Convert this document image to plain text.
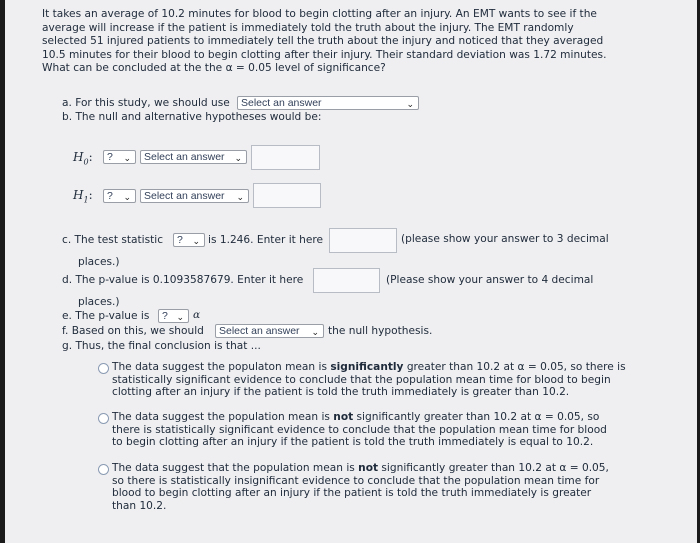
It takes an average of 10.2 minutes for blood to begin clotting after an injury. An EMT wants to see if the
average will increase if the patient is immediately told the truth about the injury. The EMT randomly
selected 51 injured patients to immediately tell the truth about the injury and noticed that they averaged
10.5 minutes for their blood to begin clotting after their injury. Their standard deviation was 1.72 minutes.
What can be concluded at the the α = 0.05 level of significance?
a. For this study, we should use	Select an answer	⌄
b. The null and alternative hypotheses would be:
$H_0$:	? ⌄	Select an answer ⌄
$H_1$:	? ⌄	Select an answer ⌄
c. The test statistic	? ⌄ is 1.246. Enter it here	(please show your answer to 3 decimal
places.)
d. The p-value is 0.1093587679. Enter it here	(Please show your answer to 4 decimal
places.)
e. The p-value is	? ⌄ α
f. Based on this, we should	Select an answer ⌄ the null hypothesis.
g. Thus, the final conclusion is that ...
The data suggest the populaton mean is significantly greater than 10.2 at α = 0.05, so there is
statistically significant evidence to conclude that the population mean time for blood to begin
clotting after an injury if the patient is told the truth immediately is greater than 10.2.
The data suggest the population mean is not significantly greater than 10.2 at α = 0.05, so
there is statistically significant evidence to conclude that the population mean time for blood
to begin clotting after an injury if the patient is told the truth immediately is equal to 10.2.
The data suggest that the population mean is not significantly greater than 10.2 at α = 0.05,
so there is statistically insignificant evidence to conclude that the population mean time for
blood to begin clotting after an injury if the patient is told the truth immediately is greater
than 10.2.
